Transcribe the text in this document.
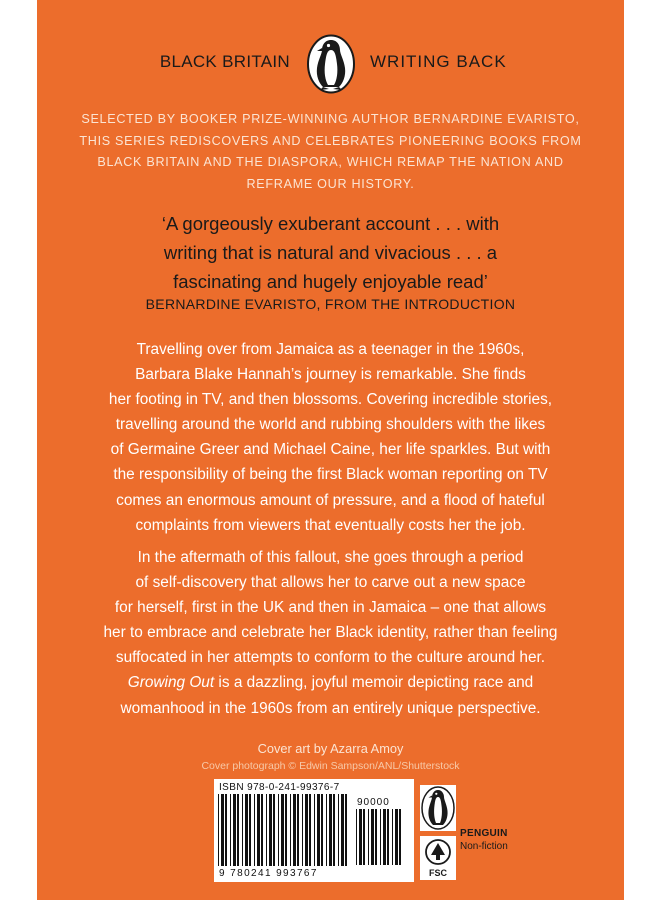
BLACK BRITAIN	WRITING BACK
SELECTED BY BOOKER PRIZE-WINNING AUTHOR BERNARDINE EVARISTO,
THIS SERIES REDISCOVERS AND CELEBRATES PIONEERING BOOKS FROM
BLACK BRITAIN AND THE DIASPORA, WHICH REMAP THE NATION AND
REFRAME OUR HISTORY.
‘A gorgeously exuberant account . . . with
writing that is natural and vivacious . . . a
fascinating and hugely enjoyable read’
BERNARDINE EVARISTO, FROM THE INTRODUCTION
Travelling over from Jamaica as a teenager in the 1960s,
Barbara Blake Hannah’s journey is remarkable. She finds
her footing in TV, and then blossoms. Covering incredible stories,
travelling around the world and rubbing shoulders with the likes
of Germaine Greer and Michael Caine, her life sparkles. But with
the responsibility of being the first Black woman reporting on TV
comes an enormous amount of pressure, and a flood of hateful
complaints from viewers that eventually costs her the job.
In the aftermath of this fallout, she goes through a period
of self-discovery that allows her to carve out a new space
for herself, first in the UK and then in Jamaica – one that allows
her to embrace and celebrate her Black identity, rather than feeling
suffocated in her attempts to conform to the culture around her.
Growing Out is a dazzling, joyful memoir depicting race and
womanhood in the 1960s from an entirely unique perspective.
Cover art by Azarra Amoy
Cover photograph © Edwin Sampson/ANL/Shutterstock
ISBN 978-0-241-99376-7
90000
9 780241 993767	FSC
PENGUIN
Non-fiction
